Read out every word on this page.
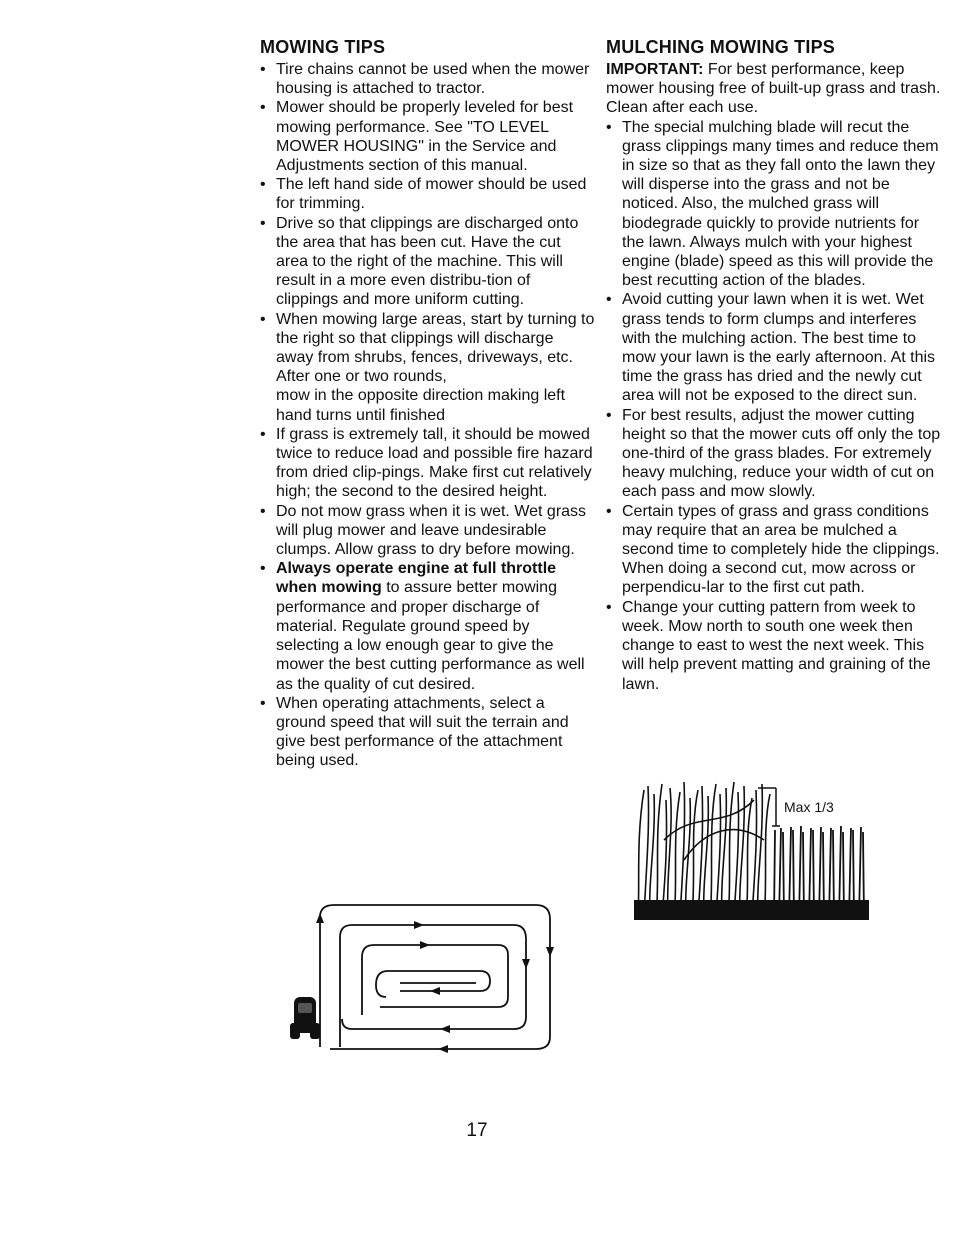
MOWING TIPS
• Tire chains cannot be used when the mower housing is attached to tractor.
• Mower should be properly leveled for best mowing performance. See "TO LEVEL MOWER HOUSING" in the Service and Adjustments section of this manual.
• The left hand side of mower should be used for trimming.
• Drive so that clippings are discharged onto the area that has been cut. Have the cut area to the right of the machine. This will result in a more even distribu-tion of clippings and more uniform cutting.
• When mowing large areas, start by turning to the right so that clippings will discharge away from shrubs, fences, driveways, etc. After one or two rounds,
mow in the opposite direction making left hand turns until finished
• If grass is extremely tall, it should be mowed twice to reduce load and possible fire hazard from dried clip-pings. Make first cut relatively high; the second to the desired height.
• Do not mow grass when it is wet. Wet grass will plug mower and leave undesirable clumps. Allow grass to dry before mowing.
• Always operate engine at full throttle when mowing to assure better mowing performance and proper discharge of material. Regulate ground speed by selecting a low enough gear to give the mower the best cutting performance as well as the quality of cut desired.
• When operating attachments, select a ground speed that will suit the terrain and give best performance of the attachment being used.
MULCHING MOWING TIPS

IMPORTANT: For best performance, keep mower housing free of built-up grass and trash. Clean after each use.

• The special mulching blade will recut the grass clippings many times and reduce them in size so that as they fall onto the lawn they will disperse into the grass and not be noticed. Also, the mulched grass will biodegrade quickly to provide nutrients for the lawn. Always mulch with your highest engine (blade) speed as this will provide the best recutting action of the blades.
• Avoid cutting your lawn when it is wet. Wet grass tends to form clumps and interferes with the mulching action. The best time to mow your lawn is the early afternoon. At this time the grass has dried and the newly cut area will not be exposed to the direct sun.
• For best results, adjust the mower cutting height so that the mower cuts off only the top one-third of the grass blades. For extremely heavy mulching, reduce your width of cut on each pass and mow slowly.
• Certain types of grass and grass conditions may require that an area be mulched a second time to completely hide the clippings. When doing a second cut, mow across or perpendicu-lar to the first cut path.
• Change your cutting pattern from week to week. Mow north to south one week then change to east to west the next week. This will help prevent matting and graining of the lawn.
Max 1/3
17
